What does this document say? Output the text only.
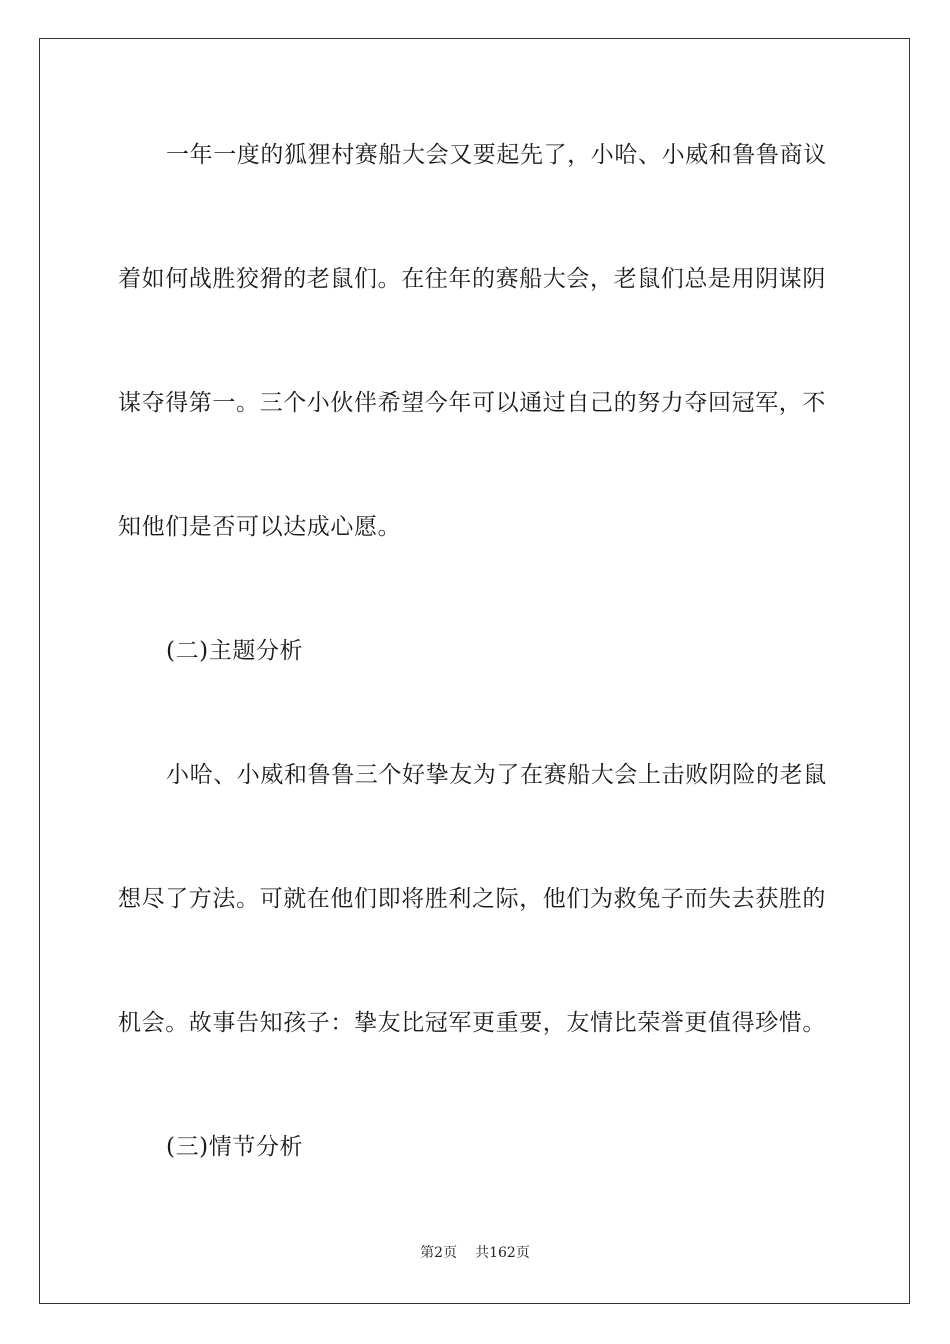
一年一度的狐狸村赛船大会又要起先了，小哈、小威和鲁鲁商议
着如何战胜狡猾的老鼠们。在往年的赛船大会，老鼠们总是用阴谋阴
谋夺得第一。三个小伙伴希望今年可以通过自己的努力夺回冠军，不
知他们是否可以达成心愿。
(二)主题分析
小哈、小威和鲁鲁三个好挚友为了在赛船大会上击败阴险的老鼠
想尽了方法。可就在他们即将胜利之际，他们为救兔子而失去获胜的
机会。故事告知孩子：挚友比冠军更重要，友情比荣誉更值得珍惜。
(三)情节分析
第2页 共162页
